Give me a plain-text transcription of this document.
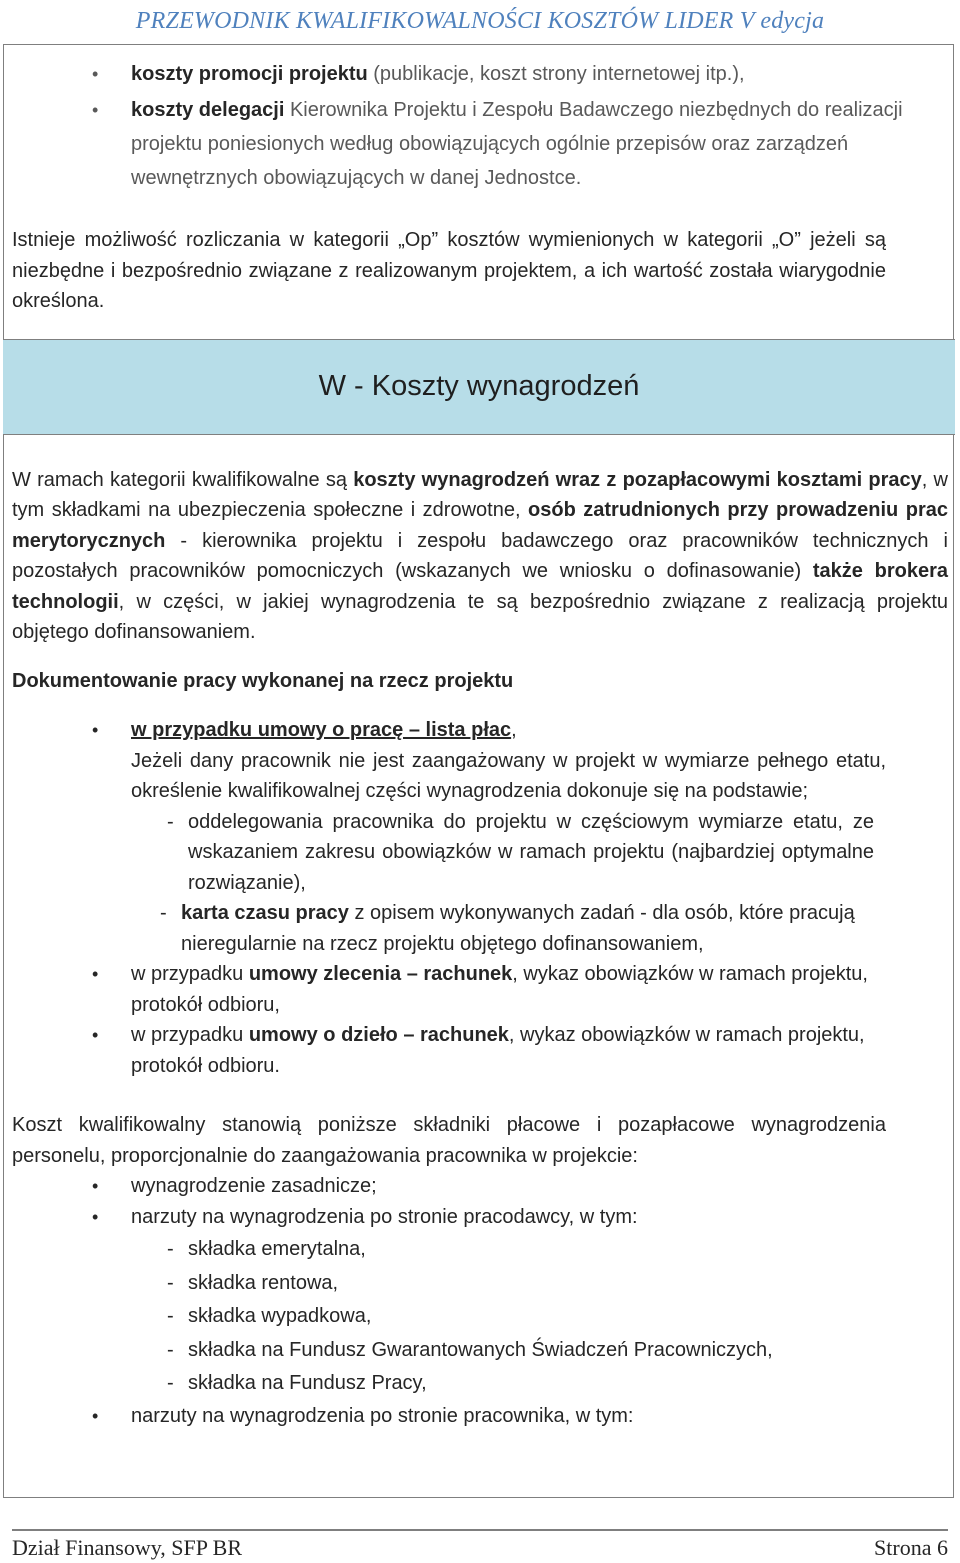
PRZEWODNIK KWALIFIKOWALNOŚCI KOSZTÓW LIDER V edycja
• koszty promocji projektu (publikacje, koszt strony internetowej itp.),
• koszty delegacji Kierownika Projektu i Zespołu Badawczego niezbędnych do realizacji projektu poniesionych według obowiązujących ogólnie przepisów oraz zarządzeń wewnętrznych obowiązujących w danej Jednostce.

Istnieje możliwość rozliczania w kategorii „Op” kosztów wymienionych w kategorii „O” jeżeli są niezbędne i bezpośrednio związane z realizowanym projektem, a ich wartość została wiarygodnie określona.

W - Koszty wynagrodzeń

W ramach kategorii kwalifikowalne są koszty wynagrodzeń wraz z pozapłacowymi kosztami pracy, w tym składkami na ubezpieczenia społeczne i zdrowotne, osób zatrudnionych przy prowadzeniu prac merytorycznych - kierownika projektu i zespołu badawczego oraz pracowników technicznych i pozostałych pracowników pomocniczych (wskazanych we wniosku o dofinasowanie) także brokera technologii, w części, w jakiej wynagrodzenia te są bezpośrednio związane z realizacją projektu objętego dofinansowaniem.

Dokumentowanie pracy wykonanej na rzecz projektu

• w przypadku umowy o pracę – lista płac,
Jeżeli dany pracownik nie jest zaangażowany w projekt w wymiarze pełnego etatu, określenie kwalifikowalnej części wynagrodzenia dokonuje się na podstawie;
- oddelegowania pracownika do projektu w częściowym wymiarze etatu, ze wskazaniem zakresu obowiązków w ramach projektu (najbardziej optymalne rozwiązanie),
- karta czasu pracy z opisem wykonywanych zadań - dla osób, które pracują nieregularnie na rzecz projektu objętego dofinansowaniem,
• w przypadku umowy zlecenia – rachunek, wykaz obowiązków w ramach projektu, protokół odbioru,
• w przypadku umowy o dzieło – rachunek, wykaz obowiązków w ramach projektu, protokół odbioru.

Koszt kwalifikowalny stanowią poniższe składniki płacowe i pozapłacowe wynagrodzenia personelu, proporcjonalnie do zaangażowania pracownika w projekcie:

• wynagrodzenie zasadnicze;
• narzuty na wynagrodzenia po stronie pracodawcy, w tym:
- składka emerytalna,
- składka rentowa,
- składka wypadkowa,
- składka na Fundusz Gwarantowanych Świadczeń Pracowniczych,
- składka na Fundusz Pracy,
• narzuty na wynagrodzenia po stronie pracownika, w tym:
Dział Finansowy, SFP BR	Strona 6
